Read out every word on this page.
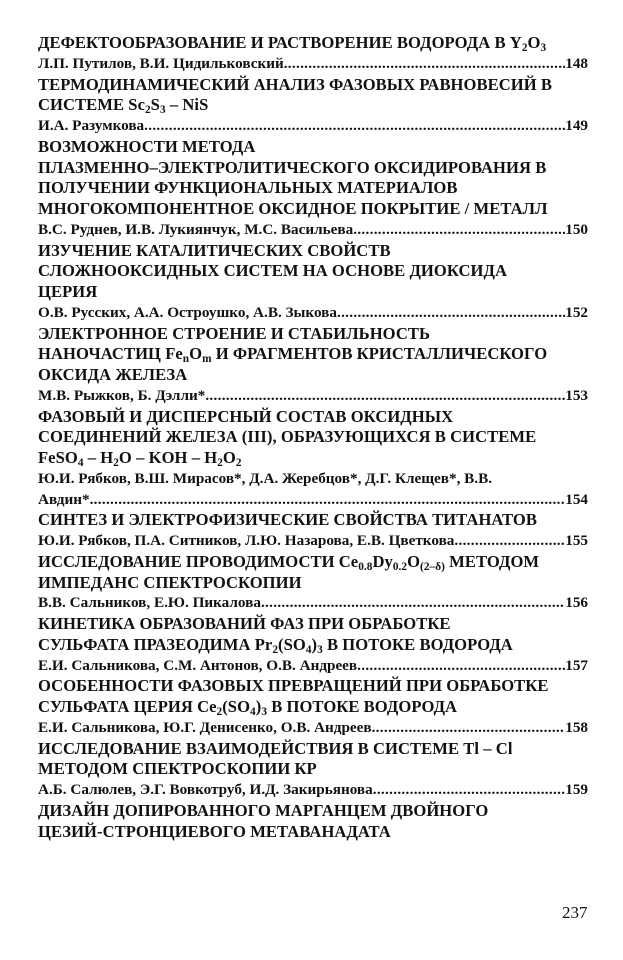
ДЕФЕКТООБРАЗОВАНИЕ И РАСТВОРЕНИЕ ВОДОРОДА В $Y_2O_3$
Л.П. Путилов, В.И. Цидильковский .....	148
ТЕРМОДИНАМИЧЕСКИЙ АНАЛИЗ ФАЗОВЫХ РАВНОВЕСИЙ В
СИСТЕМЕ $Sc_2S_3$ – NiS
И.А. Разумкова .....	149
ВОЗМОЖНОСТИ МЕТОДА
ПЛАЗМЕННО–ЭЛЕКТРОЛИТИЧЕСКОГО ОКСИДИРОВАНИЯ В
ПОЛУЧЕНИИ ФУНКЦИОНАЛЬНЫХ МАТЕРИАЛОВ
МНОГОКОМПОНЕНТНОЕ ОКСИДНОЕ ПОКРЫТИЕ / МЕТАЛЛ
В.С. Руднев, И.В. Лукиянчук, М.С. Васильева .....	150
ИЗУЧЕНИЕ КАТАЛИТИЧЕСКИХ СВОЙСТВ
СЛОЖНООКСИДНЫХ СИСТЕМ НА ОСНОВЕ ДИОКСИДА
ЦЕРИЯ
О.В. Русских, А.А. Остроушко, А.В. Зыкова .....	152
ЭЛЕКТРОННОЕ СТРОЕНИЕ И СТАБИЛЬНОСТЬ
НАНОЧАСТИЦ $Fe_nO_m$ И ФРАГМЕНТОВ КРИСТАЛЛИЧЕСКОГО
ОКСИДА ЖЕЛЕЗА
М.В. Рыжков, Б. Дэлли* .....	153
ФАЗОВЫЙ И ДИСПЕРСНЫЙ СОСТАВ ОКСИДНЫХ
СОЕДИНЕНИЙ ЖЕЛЕЗА (III), ОБРАЗУЮЩИХСЯ В СИСТЕМЕ
FeSO$_4$ – $H_2O$ – KOH – $H_2O_2$
Ю.И. Рябков, В.Ш. Мирасов*, Д.А. Жеребцов*, Д.Г. Клещев*, В.В.
Авдин* .....	154
СИНТЕЗ И ЭЛЕКТРОФИЗИЧЕСКИЕ СВОЙСТВА ТИТАНАТОВ
Ю.И. Рябков, П.А. Ситников, Л.Ю. Назарова, Е.В. Цветкова .....	155
ИССЛЕДОВАНИЕ ПРОВОДИМОСТИ $Ce_{0.8}Dy_{0.2}O_{(2-\delta)}$ МЕТОДОМ
ИМПЕДАНС СПЕКТРОСКОПИИ
В.В. Сальников, Е.Ю. Пикалова .....	156
КИНЕТИКА ОБРАЗОВАНИЙ ФАЗ ПРИ ОБРАБОТКЕ
СУЛЬФАТА ПРАЗЕОДИМА $Pr_2(SO_4)_3$ В ПОТОКЕ ВОДОРОДА
Е.И. Сальникова, С.М. Антонов, О.В. Андреев .....	157
ОСОБЕННОСТИ ФАЗОВЫХ ПРЕВРАЩЕНИЙ ПРИ ОБРАБОТКЕ
СУЛЬФАТА ЦЕРИЯ $Ce_2(SO_4)_3$ В ПОТОКЕ ВОДОРОДА
Е.И. Сальникова, Ю.Г. Денисенко, О.В. Андреев .....	158
ИССЛЕДОВАНИЕ ВЗАИМОДЕЙСТВИЯ В СИСТЕМЕ Tl – Cl
МЕТОДОМ СПЕКТРОСКОПИИ КР
А.Б. Салюлев, Э.Г. Вовкотруб, И.Д. Закирьянова .....	159
ДИЗАЙН ДОПИРОВАННОГО МАРГАНЦЕМ ДВОЙНОГО
ЦЕЗИЙ-СТРОНЦИЕВОГО МЕТАВАНАДАТА
237
